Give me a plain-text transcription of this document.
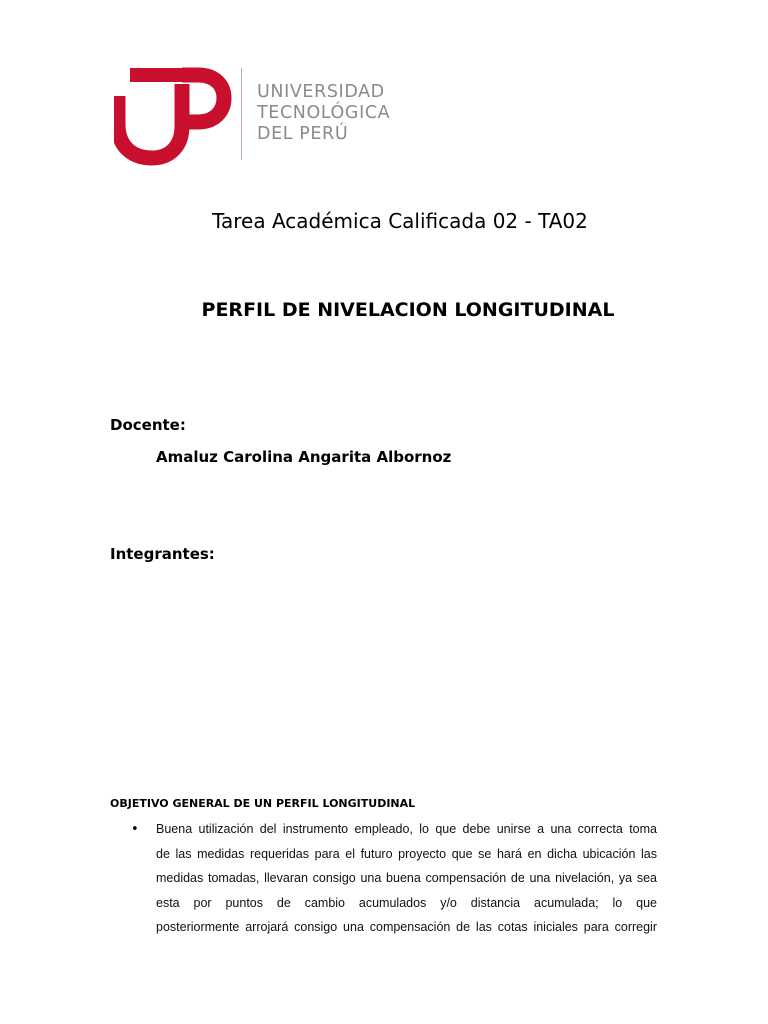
UNIVERSIDAD
TECNOLÓGICA
DEL PERÚ
Tarea Académica Calificada 02 - TA02
PERFIL DE NIVELACION LONGITUDINAL
Docente:
Amaluz Carolina Angarita Albornoz
Integrantes:
OBJETIVO GENERAL DE UN PERFIL LONGITUDINAL
• Buena utilización del instrumento empleado, lo que debe unirse a una correcta toma
de las medidas requeridas para el futuro proyecto que se hará en dicha ubicación las
medidas tomadas, llevaran consigo una buena compensación de una nivelación, ya sea
esta por puntos de cambio acumulados y/o distancia acumulada; lo que
posteriormente arrojará consigo una compensación de las cotas iniciales para corregir
